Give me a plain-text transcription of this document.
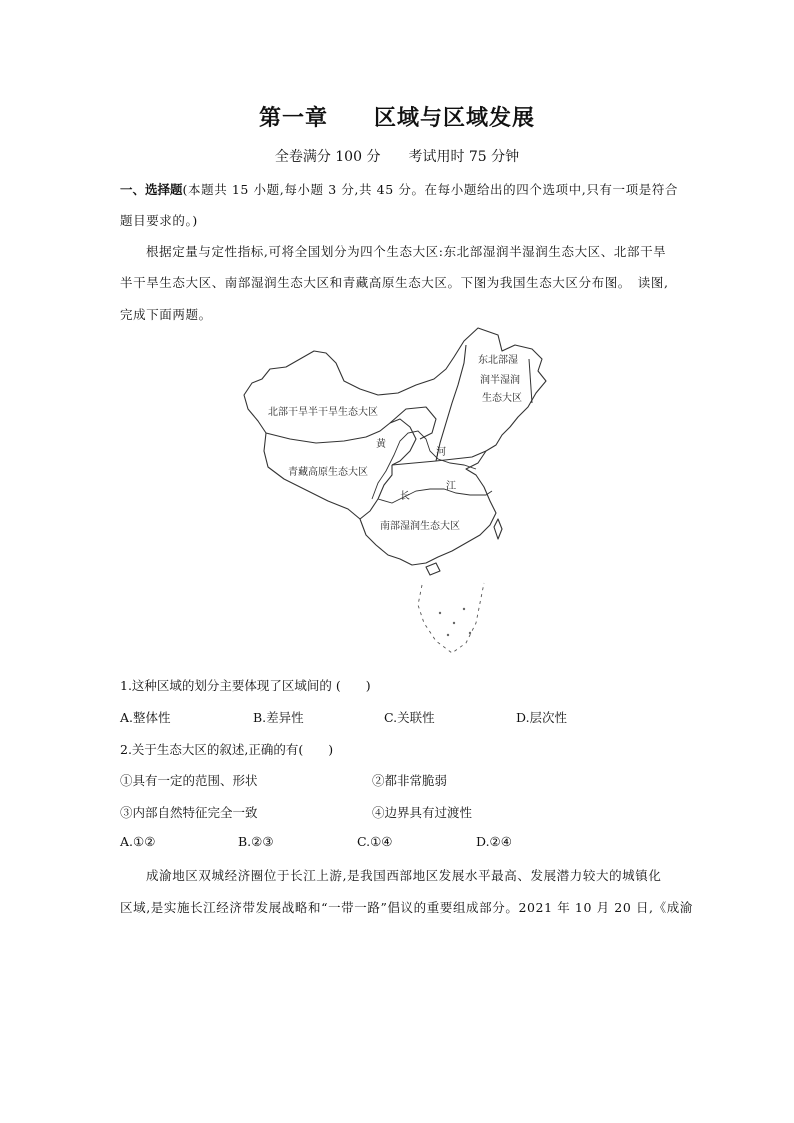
第一章　　区域与区域发展
全卷满分 100 分　　考试用时 75 分钟
一、选择题(本题共 15 小题,每小题 3 分,共 45 分。在每小题给出的四个选项中,只有一项是符合
题目要求的。)
根据定量与定性指标,可将全国划分为四个生态大区:东北部湿润半湿润生态大区、北部干旱
半干旱生态大区、南部湿润生态大区和青藏高原生态大区。下图为我国生态大区分布图。　读图,
完成下面两题。
东北部湿
润半湿润
生态大区
北部干旱半干旱生态大区
青藏高原生态大区
南部湿润生态大区
黄
河
长
江
1.这种区域的划分主要体现了区域间的 (　　)
A.整体性	B.差异性	C.关联性	D.层次性
2.关于生态大区的叙述,正确的有(　　)
①具有一定的范围、形状	②都非常脆弱
③内部自然特征完全一致	④边界具有过渡性
A.①②	B.②③	C.①④	D.②④
成渝地区双城经济圈位于长江上游,是我国西部地区发展水平最高、发展潜力较大的城镇化
区域,是实施长江经济带发展战略和“一带一路”倡议的重要组成部分。2021 年 10 月 20 日,《成渝
